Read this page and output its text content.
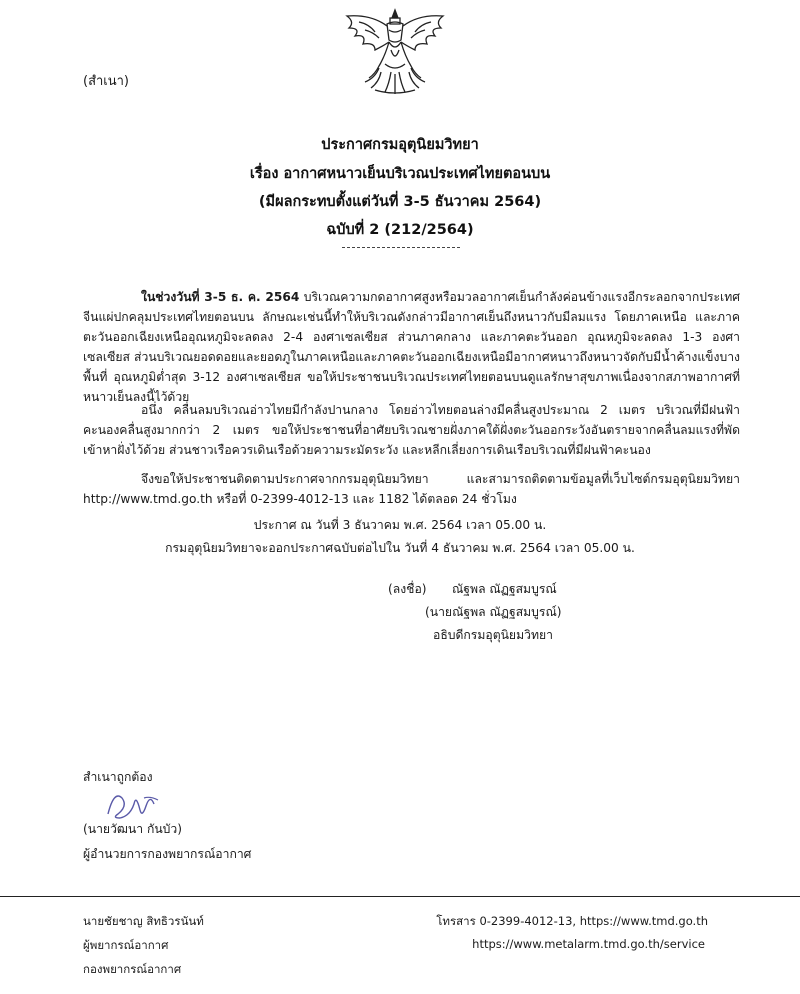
(สำเนา)
ประกาศกรมอุตุนิยมวิทยา
เรื่อง อากาศหนาวเย็นบริเวณประเทศไทยตอนบน
(มีผลกระทบตั้งแต่วันที่ 3-5 ธันวาคม 2564)
ฉบับที่ 2 (212/2564)

ในช่วงวันที่ 3-5 ธ. ค. 2564 บริเวณความกดอากาศสูงหรือมวลอากาศเย็นกำลังค่อนข้างแรงอีกระลอกจากประเทศจีนแผ่ปกคลุมประเทศไทยตอนบน ลักษณะเช่นนี้ทำให้บริเวณดังกล่าวมีอากาศเย็นถึงหนาวกับมีลมแรง โดยภาคเหนือ และภาคตะวันออกเฉียงเหนืออุณหภูมิจะลดลง 2-4 องศาเซลเซียส ส่วนภาคกลาง และภาคตะวันออก อุณหภูมิจะลดลง 1-3 องศาเซลเซียส ส่วนบริเวณยอดดอยและยอดภูในภาคเหนือและภาคตะวันออกเฉียงเหนือมีอากาศหนาวถึงหนาวจัดกับมีน้ำค้างแข็งบางพื้นที่ อุณหภูมิต่ำสุด 3-12 องศาเซลเซียส ขอให้ประชาชนบริเวณประเทศไทยตอนบนดูแลรักษาสุขภาพเนื่องจากสภาพอากาศที่หนาวเย็นลงนี้ไว้ด้วย

อนึ่ง คลื่นลมบริเวณอ่าวไทยมีกำลังปานกลาง โดยอ่าวไทยตอนล่างมีคลื่นสูงประมาณ 2 เมตร บริเวณที่มีฝนฟ้าคะนองคลื่นสูงมากกว่า 2 เมตร ขอให้ประชาชนที่อาศัยบริเวณชายฝั่งภาคใต้ฝั่งตะวันออกระวังอันตรายจากคลื่นลมแรงที่พัดเข้าหาฝั่งไว้ด้วย ส่วนชาวเรือควรเดินเรือด้วยความระมัดระวัง และหลีกเลี่ยงการเดินเรือบริเวณที่มีฝนฟ้าคะนอง

จึงขอให้ประชาชนติดตามประกาศจากกรมอุตุนิยมวิทยา และสามารถติดตามข้อมูลที่เว็บไซต์กรมอุตุนิยมวิทยา http://www.tmd.go.th หรือที่ 0-2399-4012-13 และ 1182 ได้ตลอด 24 ชั่วโมง

ประกาศ ณ วันที่ 3 ธันวาคม พ.ศ. 2564 เวลา 05.00 น.
กรมอุตุนิยมวิทยาจะออกประกาศฉบับต่อไปใน วันที่ 4 ธันวาคม พ.ศ. 2564 เวลา 05.00 น.
(ลงชื่อ) ณัฐพล ณัฏฐสมบูรณ์
(นายณัฐพล ณัฏฐสมบูรณ์)
อธิบดีกรมอุตุนิยมวิทยา
สำเนาถูกต้อง
(นายวัฒนา กันบัว)
ผู้อำนวยการกองพยากรณ์อากาศ
นายชัยชาญ สิทธิวรนันท์
ผู้พยากรณ์อากาศ
กองพยากรณ์อากาศ
โทรสาร 0-2399-4012-13, https://www.tmd.go.th
https://www.metalarm.tmd.go.th/service
